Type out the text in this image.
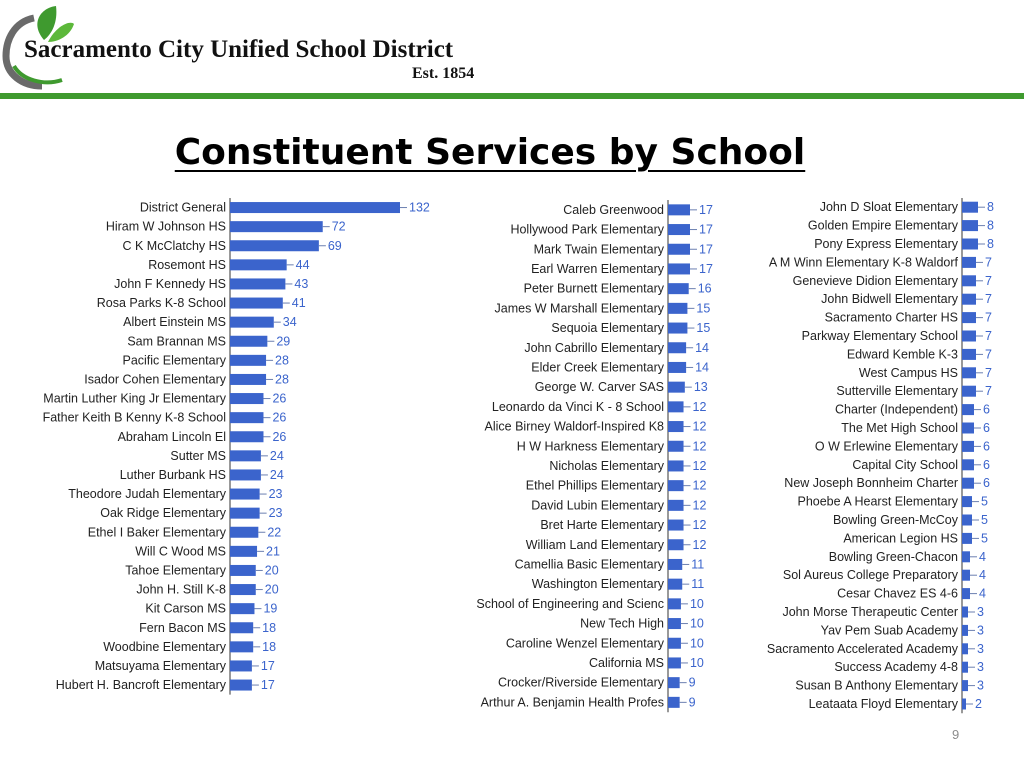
Sacramento City Unified School District
Est. 1854
Constituent Services by School
District General	132
Hiram W Johnson HS	72
C K McClatchy HS	69
Rosemont HS	44
John F Kennedy HS	43
Rosa Parks K-8 School	41
Albert Einstein MS	34
Sam Brannan MS	29
Pacific Elementary	28
Isador Cohen Elementary	28
Martin Luther King Jr Elementary	26
Father Keith B Kenny K-8 School	26
Abraham Lincoln El	26
Sutter MS	24
Luther Burbank HS	24
Theodore Judah Elementary	23
Oak Ridge Elementary	23
Ethel I Baker Elementary	22
Will C Wood MS	21
Tahoe Elementary	20
John H. Still K-8	20
Kit Carson MS	19
Fern Bacon MS	18
Woodbine Elementary	18
Matsuyama Elementary	17
Hubert H. Bancroft Elementary	17
Caleb Greenwood	17
Hollywood Park Elementary	17
Mark Twain Elementary	17
Earl Warren Elementary	17
Peter Burnett Elementary	16
James W Marshall Elementary	15
Sequoia Elementary	15
John Cabrillo Elementary 14
Elder Creek Elementary 14
George W. Carver SAS 13
Leonardo da Vinci K - 8 School 12
Alice Birney Waldorf-Inspired K8 12
H W Harkness Elementary 12
Nicholas Elementary 12
Ethel Phillips Elementary 12
David Lubin Elementary 12
Bret Harte Elementary 12
William Land Elementary 12
Camellia Basic Elementary 11
Washington Elementary 11
School of Engineering and Scienc 10
New Tech High 10
Caroline Wenzel Elementary 10
California MS 10
Crocker/Riverside Elementary 9
Arthur A. Benjamin Health Profes 9
John D Sloat Elementary 8
Golden Empire Elementary 8
Pony Express Elementary 8
A M Winn Elementary K-8 Waldorf 7
Genevieve Didion Elementary 7
John Bidwell Elementary 7
Sacramento Charter HS 7
Parkway Elementary School 7
Edward Kemble K-3 7
West Campus HS 7
Sutterville Elementary 7
Charter (Independent) 6
The Met High School 6
O W Erlewine Elementary 6
Capital City School 6
New Joseph Bonnheim Charter 6
Phoebe A Hearst Elementary 5
Bowling Green-McCoy 5
American Legion HS 5
Bowling Green-Chacon 4
Sol Aureus College Preparatory 4
Cesar Chavez ES 4-6 4
John Morse Therapeutic Center 3
Yav Pem Suab Academy 3
Sacramento Accelerated Academy 3
Success Academy 4-8 3
Susan B Anthony Elementary 3
Leataata Floyd Elementary 2
9
